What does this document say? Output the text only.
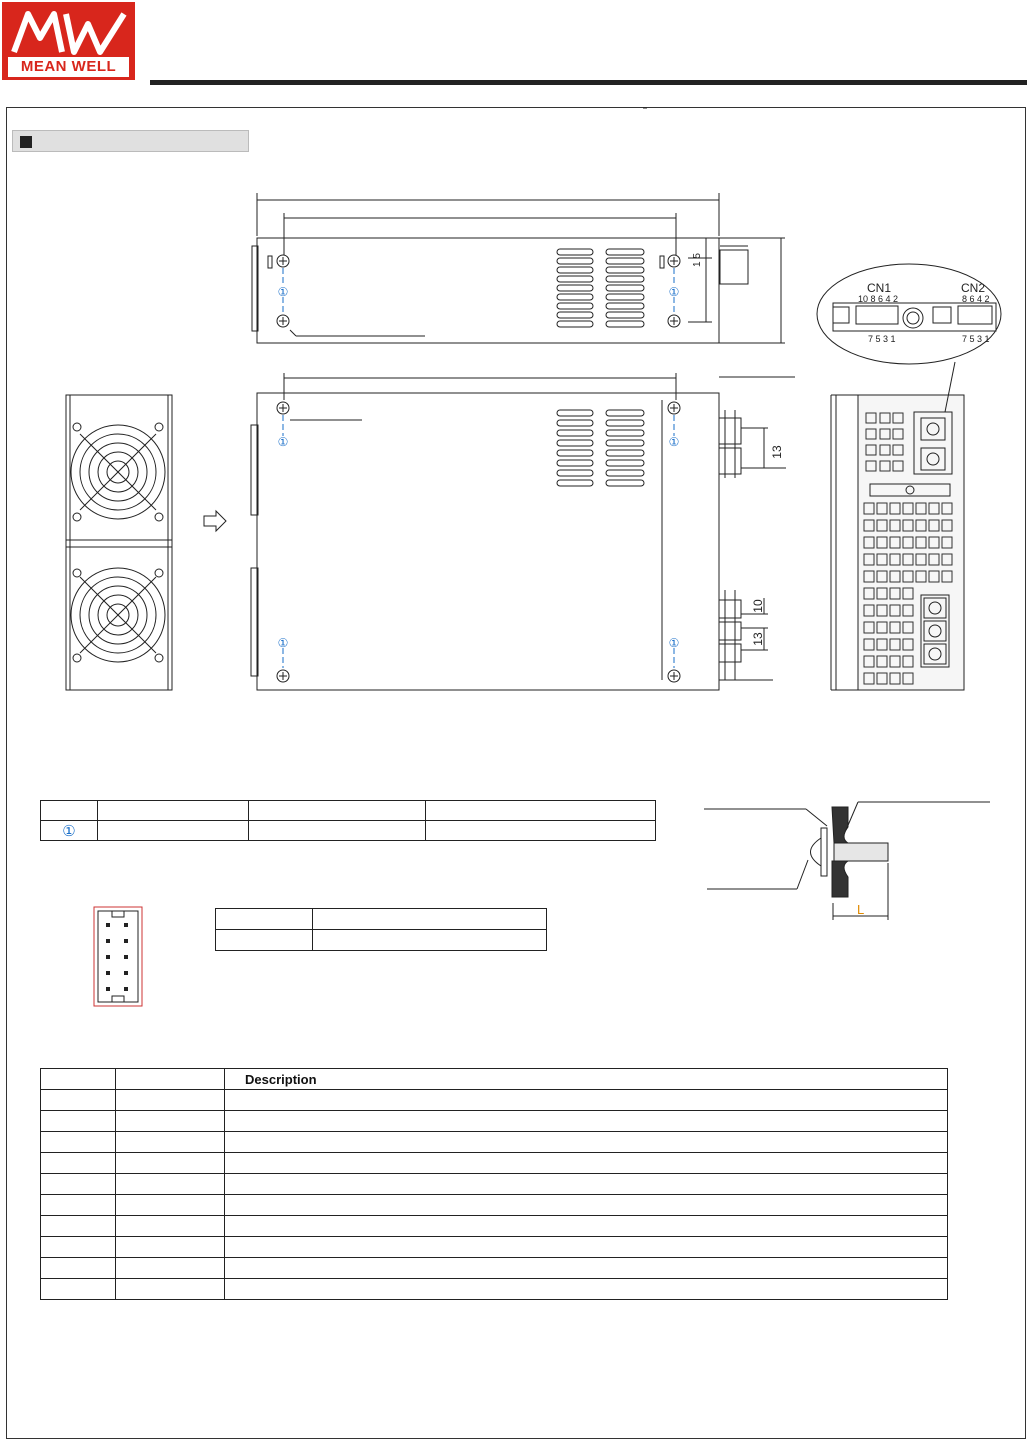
MEAN WELL
①	①
①	①
①	①
CN1	CN2
10 8 6 4 2	8 6 4 2
7 5 3 1	7 5 3 1
1 5
13
10
13
L

①			

		Description
